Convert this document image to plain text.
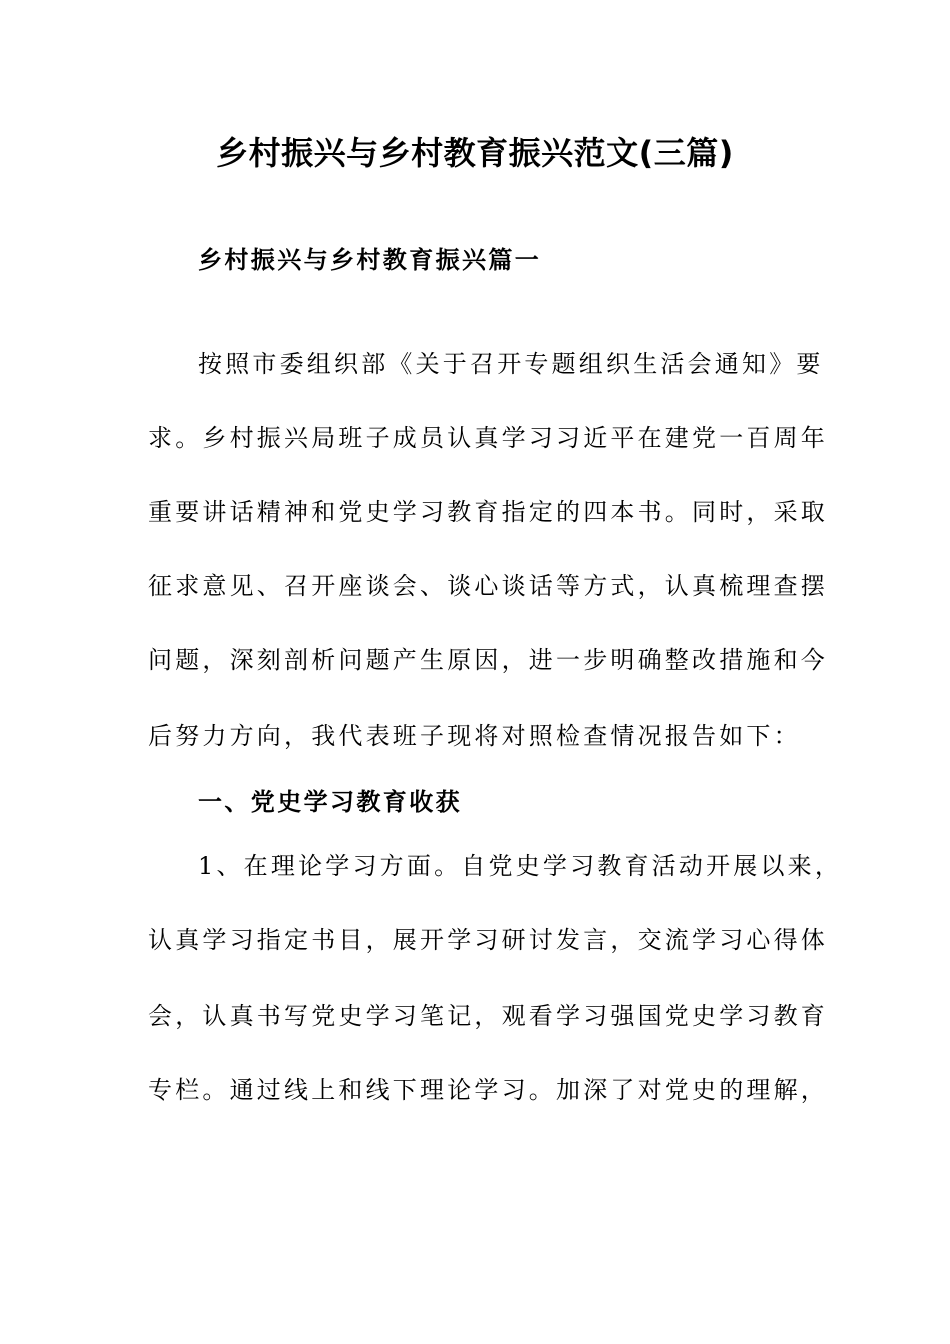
乡村振兴与乡村教育振兴范文(三篇)
乡村振兴与乡村教育振兴篇一
按照市委组织部《关于召开专题组织生活会通知》要
求。乡村振兴局班子成员认真学习习近平在建党一百周年
重要讲话精神和党史学习教育指定的四本书。同时，采取
征求意见、召开座谈会、谈心谈话等方式，认真梳理查摆
问题，深刻剖析问题产生原因，进一步明确整改措施和今
后努力方向，我代表班子现将对照检查情况报告如下：
一、党史学习教育收获
1、在理论学习方面。自党史学习教育活动开展以来，
认真学习指定书目，展开学习研讨发言，交流学习心得体
会，认真书写党史学习笔记，观看学习强国党史学习教育
专栏。通过线上和线下理论学习。加深了对党史的理解，
